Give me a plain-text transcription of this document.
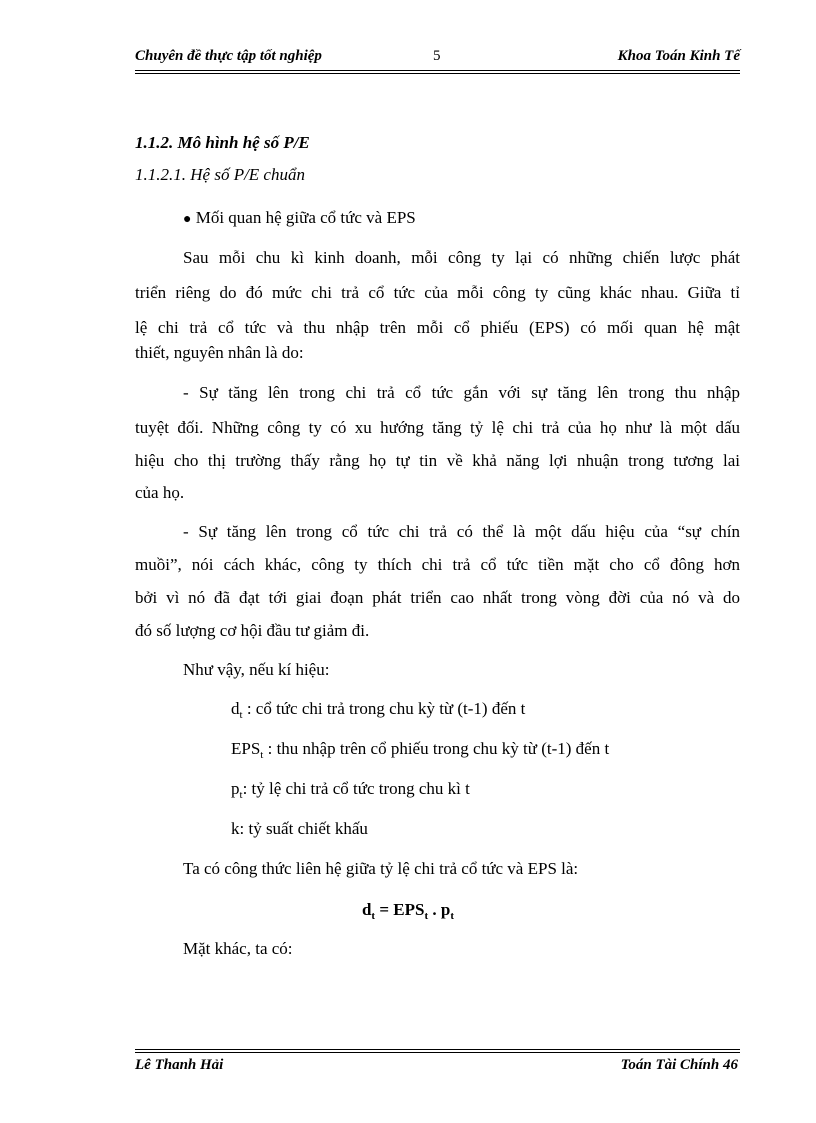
Chuyên đề thực tập tốt nghiệp	5	Khoa Toán Kinh Tế
1.1.2. Mô hình hệ số P/E
1.1.2.1. Hệ số P/E chuẩn
● Mối quan hệ giữa cổ tức và EPS
Sau mỗi chu kì kinh doanh, mỗi công ty lại có những chiến lược phát
triển riêng do đó mức chi trả cổ tức của mỗi công ty cũng khác nhau. Giữa tỉ
lệ chi trả cổ tức và thu nhập trên mỗi cổ phiếu (EPS) có mối quan hệ mật
thiết, nguyên nhân là do:
- Sự tăng lên trong chi trả cổ tức gắn với sự tăng lên trong thu nhập
tuyệt đối. Những công ty có xu hướng tăng tỷ lệ chi trả của họ như là một dấu
hiệu cho thị trường thấy rằng họ tự tin về khả năng lợi nhuận trong tương lai
của họ.
- Sự tăng lên trong cổ tức chi trả có thể là một dấu hiệu của “sự chín
muồi”, nói cách khác, công ty thích chi trả cổ tức tiền mặt cho cổ đông hơn
bởi vì nó đã đạt tới giai đoạn phát triển cao nhất trong vòng đời của nó và do
đó số lượng cơ hội đầu tư giảm đi.
Như vậy, nếu kí hiệu:
$d_t$ : cổ tức chi trả trong chu kỳ từ (t-1) đến t
$EPS_t$ : thu nhập trên cổ phiếu trong chu kỳ từ (t-1) đến t
$p_t$: tỷ lệ chi trả cổ tức trong chu kì t
k: tỷ suất chiết khấu
Ta có công thức liên hệ giữa tỷ lệ chi trả cổ tức và EPS là:
$d_t = EPS_t$ . $p_t$
Mặt khác, ta có:
Lê Thanh Hải	Toán Tài Chính 46
